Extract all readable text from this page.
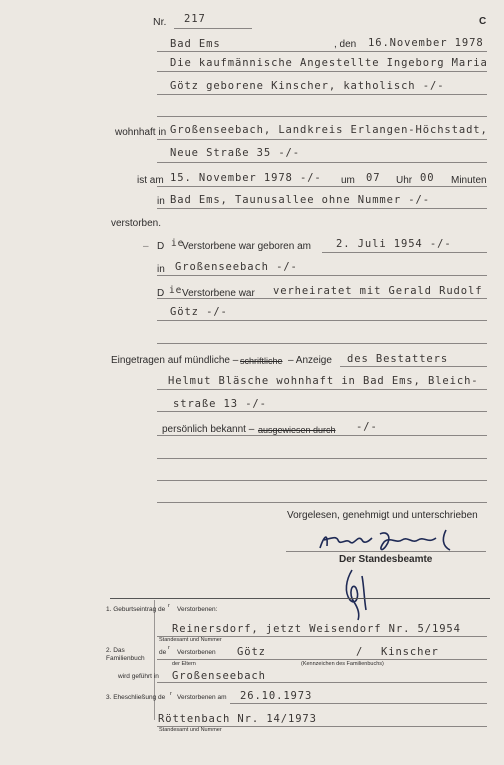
Nr. 217	C
Bad Ems	, den 16.November 1978
Die kaufmännische Angestellte Ingeborg Maria
Götz geborene Kinscher, katholisch -/-
wohnhaft in Großenseebach, Landkreis Erlangen-Höchstadt,
Neue Straße 35 -/-
ist am 15. November 1978 -/- um 07 Uhr 00 Minuten
in Bad Ems, Taunusallee ohne Nummer -/-
verstorben.
– D ie
Verstorbene war geboren am 2. Juli 1954 -/-
in Großenseebach -/-
D ie Verstorbene war verheiratet mit Gerald Rudolf
Götz -/-
Eingetragen auf mündliche – schriftliche – Anzeige des Bestatters
Helmut Bläsche wohnhaft in Bad Ems, Bleich-
straße 13 -/-
persönlich bekannt – ausgewiesen durch -/-
Vorgelesen, genehmigt und unterschrieben
Der Standesbeamte
1. Geburtseintrag de r Verstorbenen:
Reinersdorf, jetzt Weisendorf Nr. 5/1954
Standesamt und Nummer
2. Das
Familienbuch
de
r
Verstorbenen Götz	/ Kinscher
der Eltern	(Kennzeichen des Familienbuchs)
wird geführt in Großenseebach
3. Eheschließung de r Verstorbenen am 26.10.1973
Röttenbach Nr. 14/1973
Standesamt und Nummer
